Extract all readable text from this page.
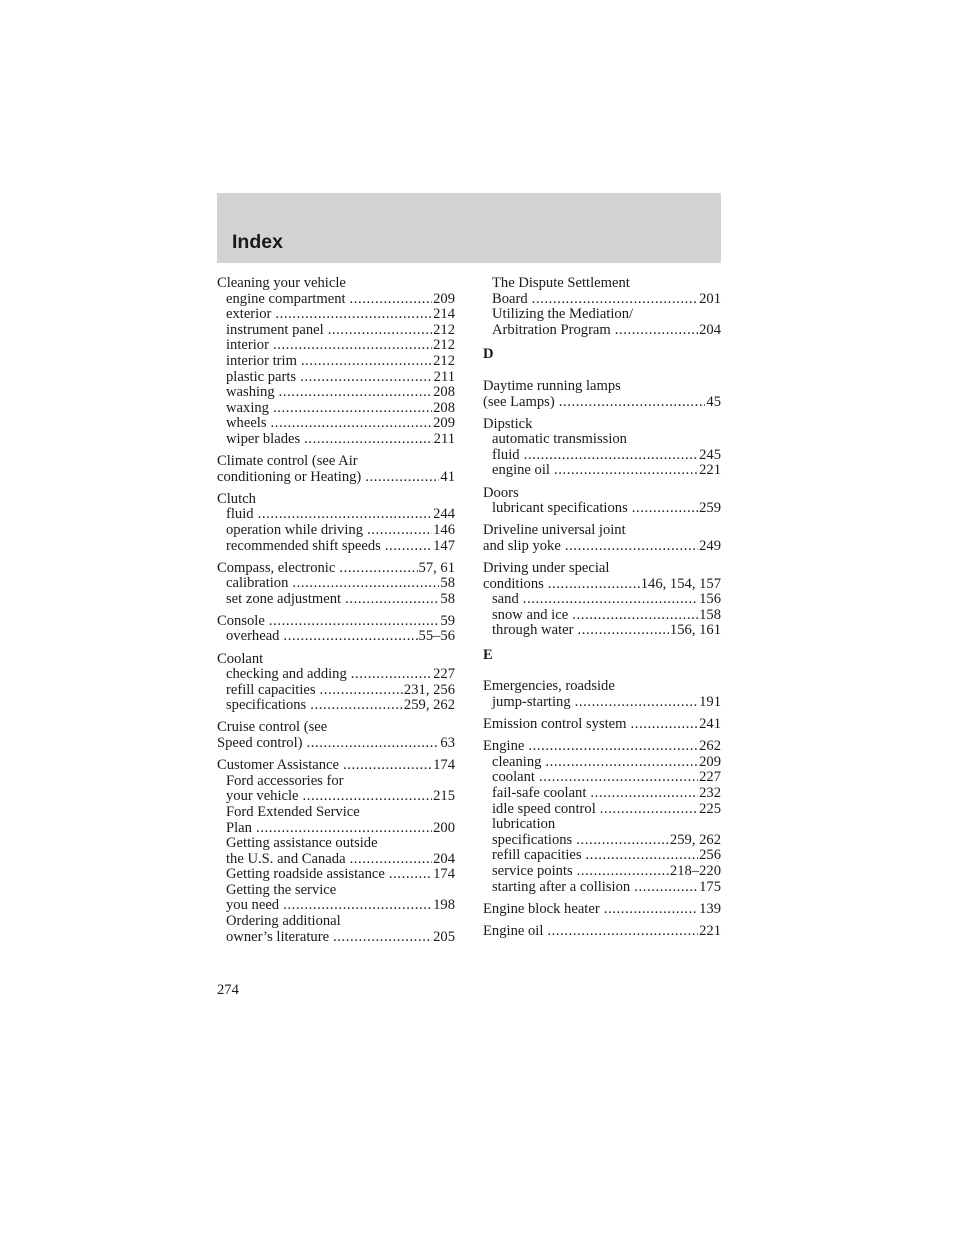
Index
Cleaning your vehicle
engine compartment .....	209
exterior .....	214
instrument panel .....	212
interior .....	212
interior trim .....	212
plastic parts .....	211
washing .....	208
waxing .....	208
wheels .....	209
wiper blades .....	211
Climate control (see Air
conditioning or Heating) .....	41
Clutch
fluid .....	244
operation while driving .....	146
recommended shift speeds .....	147
Compass, electronic .....	57, 61
calibration .....	58
set zone adjustment .....	58
Console .....	59
overhead .....	55–56
Coolant
checking and adding .....	227
refill capacities .....	231, 256
specifications .....	259, 262
Cruise control (see
Speed control) .....	63
Customer Assistance .....	174
Ford accessories for
your vehicle .....	215
Ford Extended Service
Plan .....	200
Getting assistance outside
the U.S. and Canada .....	204
Getting roadside assistance .....	174
Getting the service
you need .....	198
Ordering additional
owner’s literature .....	205
The Dispute Settlement
Board .....	201
Utilizing the Mediation/
Arbitration Program .....	204
D
Daytime running lamps
(see Lamps) .....	45
Dipstick
automatic transmission
fluid .....	245
engine oil .....	221
Doors
lubricant specifications .....	259
Driveline universal joint
and slip yoke .....	249
Driving under special
conditions .....	146, 154, 157
sand .....	156
snow and ice .....	158
through water .....	156, 161
E
Emergencies, roadside
jump-starting .....	191
Emission control system .....	241
Engine .....	262
cleaning .....	209
coolant .....	227
fail-safe coolant .....	232
idle speed control .....	225
lubrication
specifications .....	259, 262
refill capacities .....	256
service points .....	218–220
starting after a collision .....	175
Engine block heater .....	139
Engine oil .....	221
274
